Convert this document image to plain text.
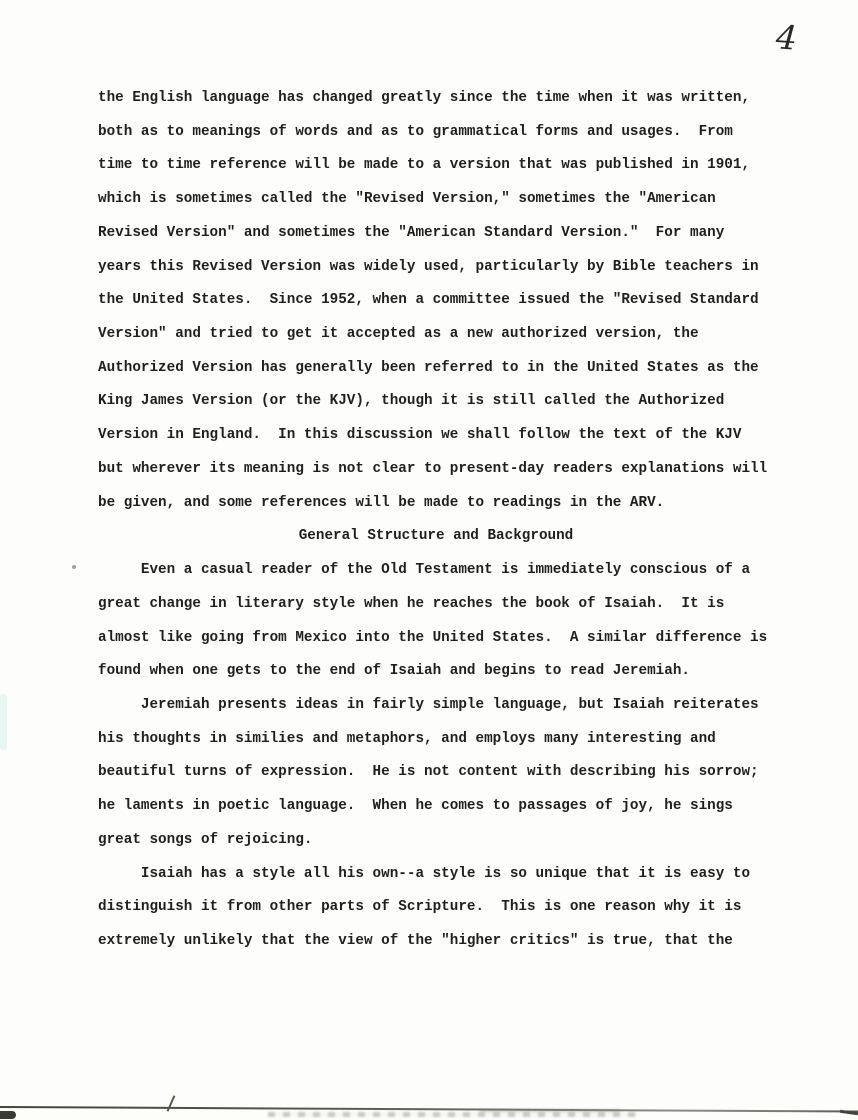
4
the English language has changed greatly since the time when it was written,
both as to meanings of words and as to grammatical forms and usages.  From
time to time reference will be made to a version that was published in 1901,
which is sometimes called the "Revised Version," sometimes the "American
Revised Version" and sometimes the "American Standard Version."  For many
years this Revised Version was widely used, particularly by Bible teachers in
the United States.  Since 1952, when a committee issued the "Revised Standard
Version" and tried to get it accepted as a new authorized version, the
Authorized Version has generally been referred to in the United States as the
King James Version (or the KJV), though it is still called the Authorized
Version in England.  In this discussion we shall follow the text of the KJV
but wherever its meaning is not clear to present-day readers explanations will
be given, and some references will be made to readings in the ARV.
General Structure and Background
Even a casual reader of the Old Testament is immediately conscious of a
great change in literary style when he reaches the book of Isaiah.  It is
almost like going from Mexico into the United States.  A similar difference is
found when one gets to the end of Isaiah and begins to read Jeremiah.
Jeremiah presents ideas in fairly simple language, but Isaiah reiterates
his thoughts in similies and metaphors, and employs many interesting and
beautiful turns of expression.  He is not content with describing his sorrow;
he laments in poetic language.  When he comes to passages of joy, he sings
great songs of rejoicing.
Isaiah has a style all his own--a style is so unique that it is easy to
distinguish it from other parts of Scripture.  This is one reason why it is
extremely unlikely that the view of the "higher critics" is true, that the
